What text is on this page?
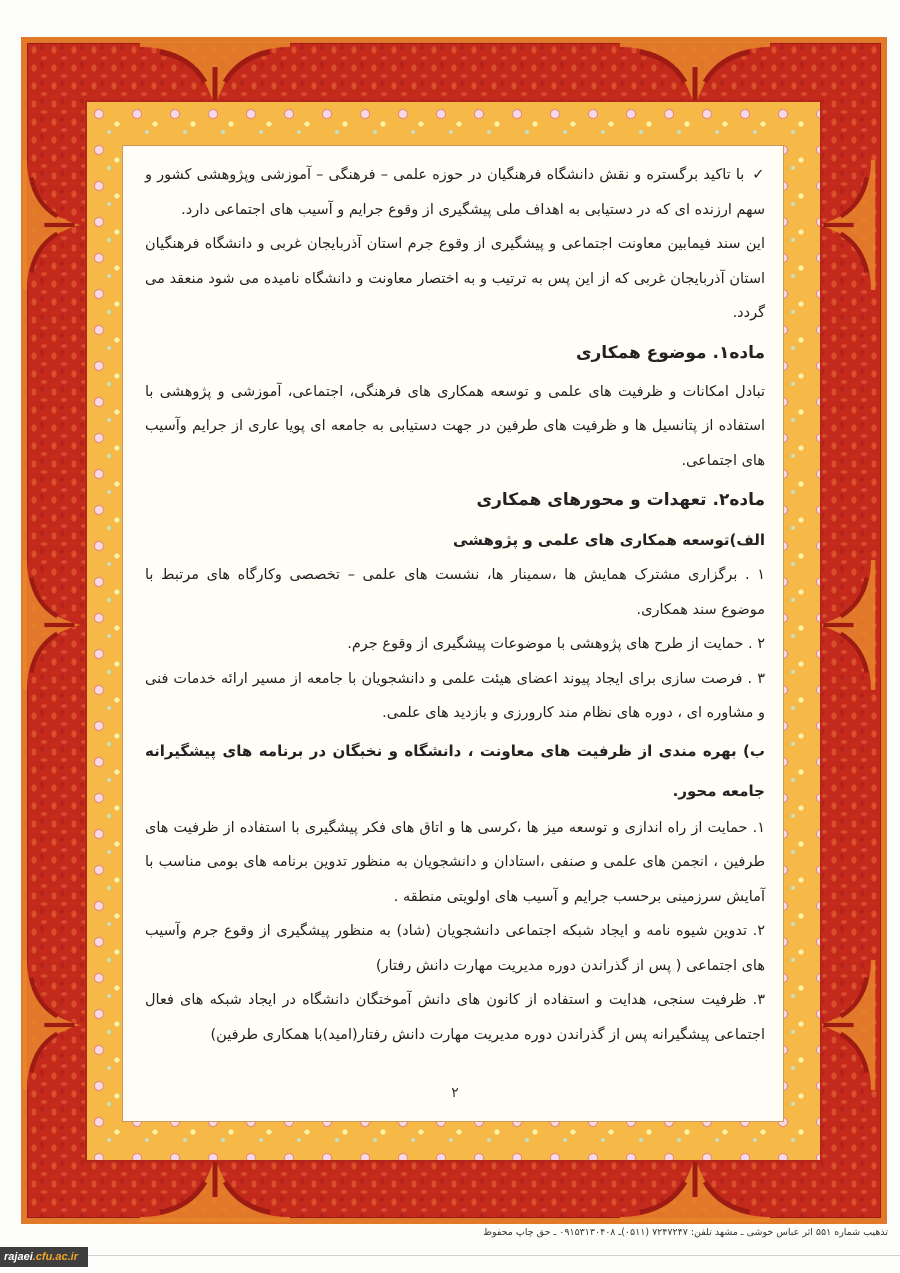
✓با تاکید برگستره و نقش دانشگاه فرهنگیان در حوزه علمی – فرهنگی – آموزشی وپژوهشی کشور و سهم ارزنده ای که در دستیابی به اهداف ملی پیشگیری از وقوع جرایم و آسیب های اجتماعی دارد.

این سند فیمابین معاونت اجتماعی و پیشگیری از وقوع جرم استان آذربایجان غربی و دانشگاه فرهنگیان استان آذربایجان غربی که از این پس به ترتیب و به اختصار معاونت و دانشگاه نامیده می شود منعقد می گردد.

ماده۱. موضوع همکاری

تبادل امکانات و ظرفیت های علمی و توسعه همکاری های فرهنگی، اجتماعی، آموزشی و پژوهشی با استفاده از پتانسیل ها و ظرفیت های طرفین در جهت دستیابی به جامعه ای پویا عاری از جرایم وآسیب های اجتماعی.

ماده۲. تعهدات و محورهای همکاری

الف)توسعه همکاری های علمی و پژوهشی

۱ . برگزاری مشترک همایش ها ،سمینار ها، نشست های علمی – تخصصی وکارگاه های مرتبط با موضوع سند همکاری.

۲ . حمایت از طرح های پژوهشی با موضوعات پیشگیری از وقوع جرم.

۳ . فرصت سازی برای ایجاد پیوند اعضای هیئت علمی و دانشجویان با جامعه از مسیر ارائه خدمات فنی و مشاوره ای ، دوره های نظام مند کارورزی و بازدید های علمی.

ب) بهره مندی از ظرفیت های معاونت ، دانشگاه و نخبگان در برنامه های پیشگیرانه جامعه محور.

۱. حمایت از راه اندازی و توسعه میز ها ،کرسی ها و اتاق های فکر پیشگیری با استفاده از ظرفیت های طرفین ، انجمن های علمی و صنفی ،استادان و دانشجویان به منظور تدوین برنامه های بومی مناسب با آمایش سرزمینی برحسب جرایم و آسیب های اولویتی منطقه .

۲. تدوین شیوه نامه و ایجاد شبکه اجتماعی دانشجویان (شاد) به منظور پیشگیری از وقوع جرم وآسیب های اجتماعی ( پس از گذراندن دوره مدیریت مهارت دانش رفتار)

۳. ظرفیت سنجی، هدایت و استفاده از کانون های دانش آموختگان دانشگاه در ایجاد شبکه های فعال اجتماعی پیشگیرانه پس از گذراندن دوره مدیریت مهارت دانش رفتار(امید)با همکاری طرفین)

۲
تذهیب شماره ۵۵۱ اثر عباس خوشی ـ مشهد تلفن: ۷۲۴۷۲۴۷ (۰۵۱۱)ـ ۰۹۱۵۳۱۳۰۴۰۸ ـ حق چاپ محفوظ
rajaei.cfu.ac.ir
